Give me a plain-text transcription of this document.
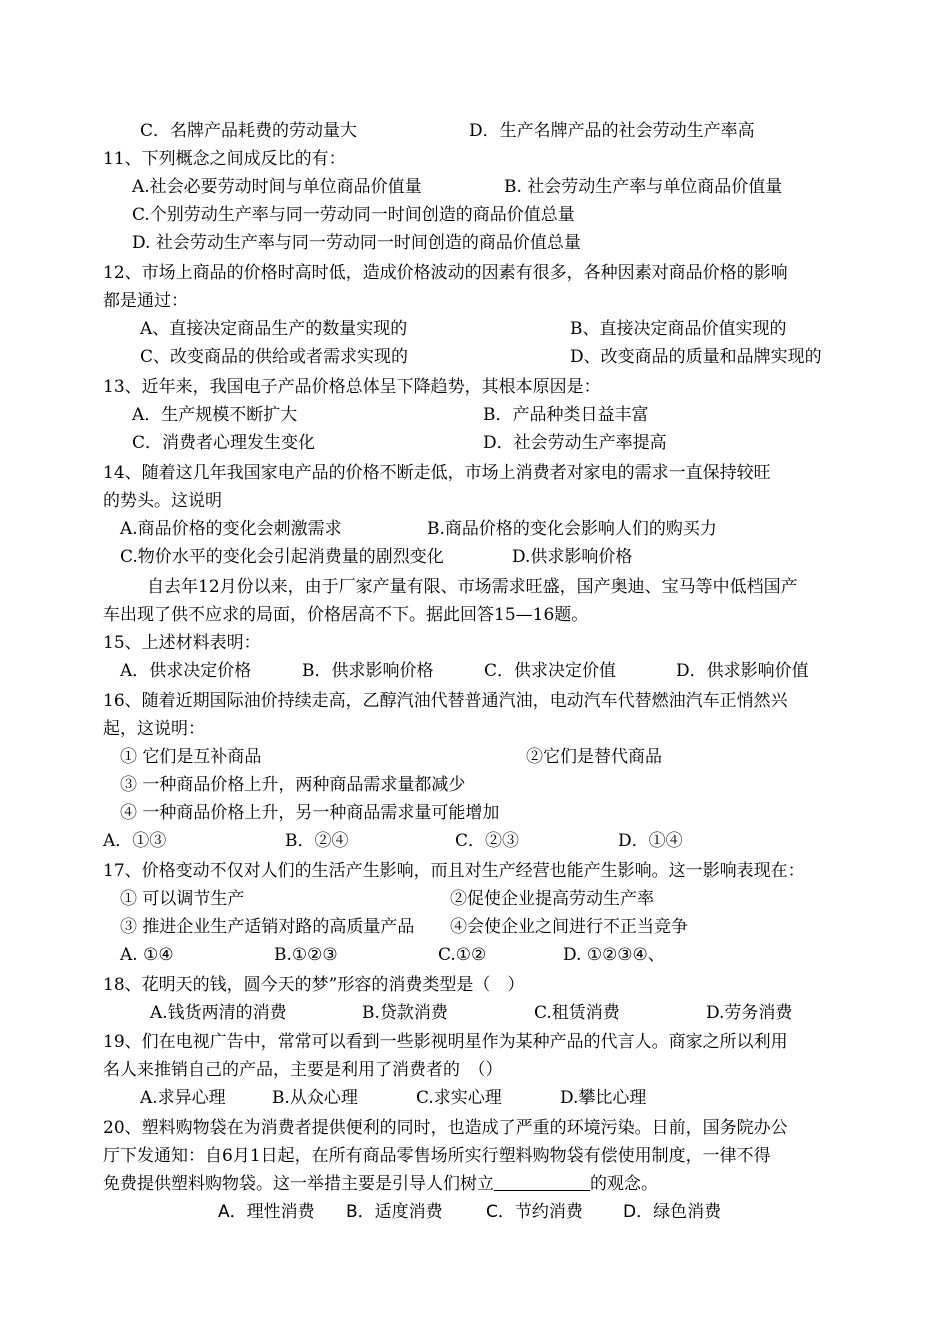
C．名牌产品耗费的劳动量大	D．生产名牌产品的社会劳动生产率高
11、下列概念之间成反比的有：
A.社会必要劳动时间与单位商品价值量	B. 社会劳动生产率与单位商品价值量
C.个别劳动生产率与同一劳动同一时间创造的商品价值总量
D. 社会劳动生产率与同一劳动同一时间创造的商品价值总量
12、市场上商品的价格时高时低，造成价格波动的因素有很多，各种因素对商品价格的影响
都是通过：
A、直接决定商品生产的数量实现的	B、直接决定商品价值实现的
C、改变商品的供给或者需求实现的	D、改变商品的质量和品牌实现的
13、近年来，我国电子产品价格总体呈下降趋势，其根本原因是：
A．生产规模不断扩大	B．产品种类日益丰富
C．消费者心理发生变化	D．社会劳动生产率提高
14、随着这几年我国家电产品的价格不断走低，市场上消费者对家电的需求一直保持较旺
的势头。这说明
A.商品价格的变化会刺激需求	B.商品价格的变化会影响人们的购买力
C.物价水平的变化会引起消费量的剧烈变化	D.供求影响价格
自去年12月份以来，由于厂家产量有限、市场需求旺盛，国产奥迪、宝马等中低档国产
车出现了供不应求的局面，价格居高不下。据此回答15—16题。
15、上述材料表明：
A．供求决定价格	B．供求影响价格	C．供求决定价值	D．供求影响价值
16、随着近期国际油价持续走高，乙醇汽油代替普通汽油，电动汽车代替燃油汽车正悄然兴
起，这说明：
① 它们是互补商品	②它们是替代商品
③ 一种商品价格上升，两种商品需求量都减少
④ 一种商品价格上升，另一种商品需求量可能增加
A．①③	B．②④	C．②③	D．①④
17、价格变动不仅对人们的生活产生影响，而且对生产经营也能产生影响。这一影响表现在：
① 可以调节生产	②促使企业提高劳动生产率
③ 推进企业生产适销对路的高质量产品 ④会使企业之间进行不正当竞争
A. ①④	B.①②③	C.①②	D. ①②③④、
18、花明天的钱，圆今天的梦”形容的消费类型是（　）
A.钱货两清的消费	B.贷款消费	C.租赁消费	D.劳务消费
19、们在电视广告中，常常可以看到一些影视明星作为某种产品的代言人。商家之所以利用
名人来推销自己的产品，主要是利用了消费者的　（）
A.求异心理	B.从众心理	C.求实心理	D.攀比心理
20、塑料购物袋在为消费者提供便利的同时，也造成了严重的环境污染。日前，国务院办公
厅下发通知：自6月1日起，在所有商品零售场所实行塑料购物袋有偿使用制度，一律不得
免费提供塑料购物袋。这一举措主要是引导人们树立	的观念。
A．理性消费 B．适度消费	C．节约消费 D．绿色消费
